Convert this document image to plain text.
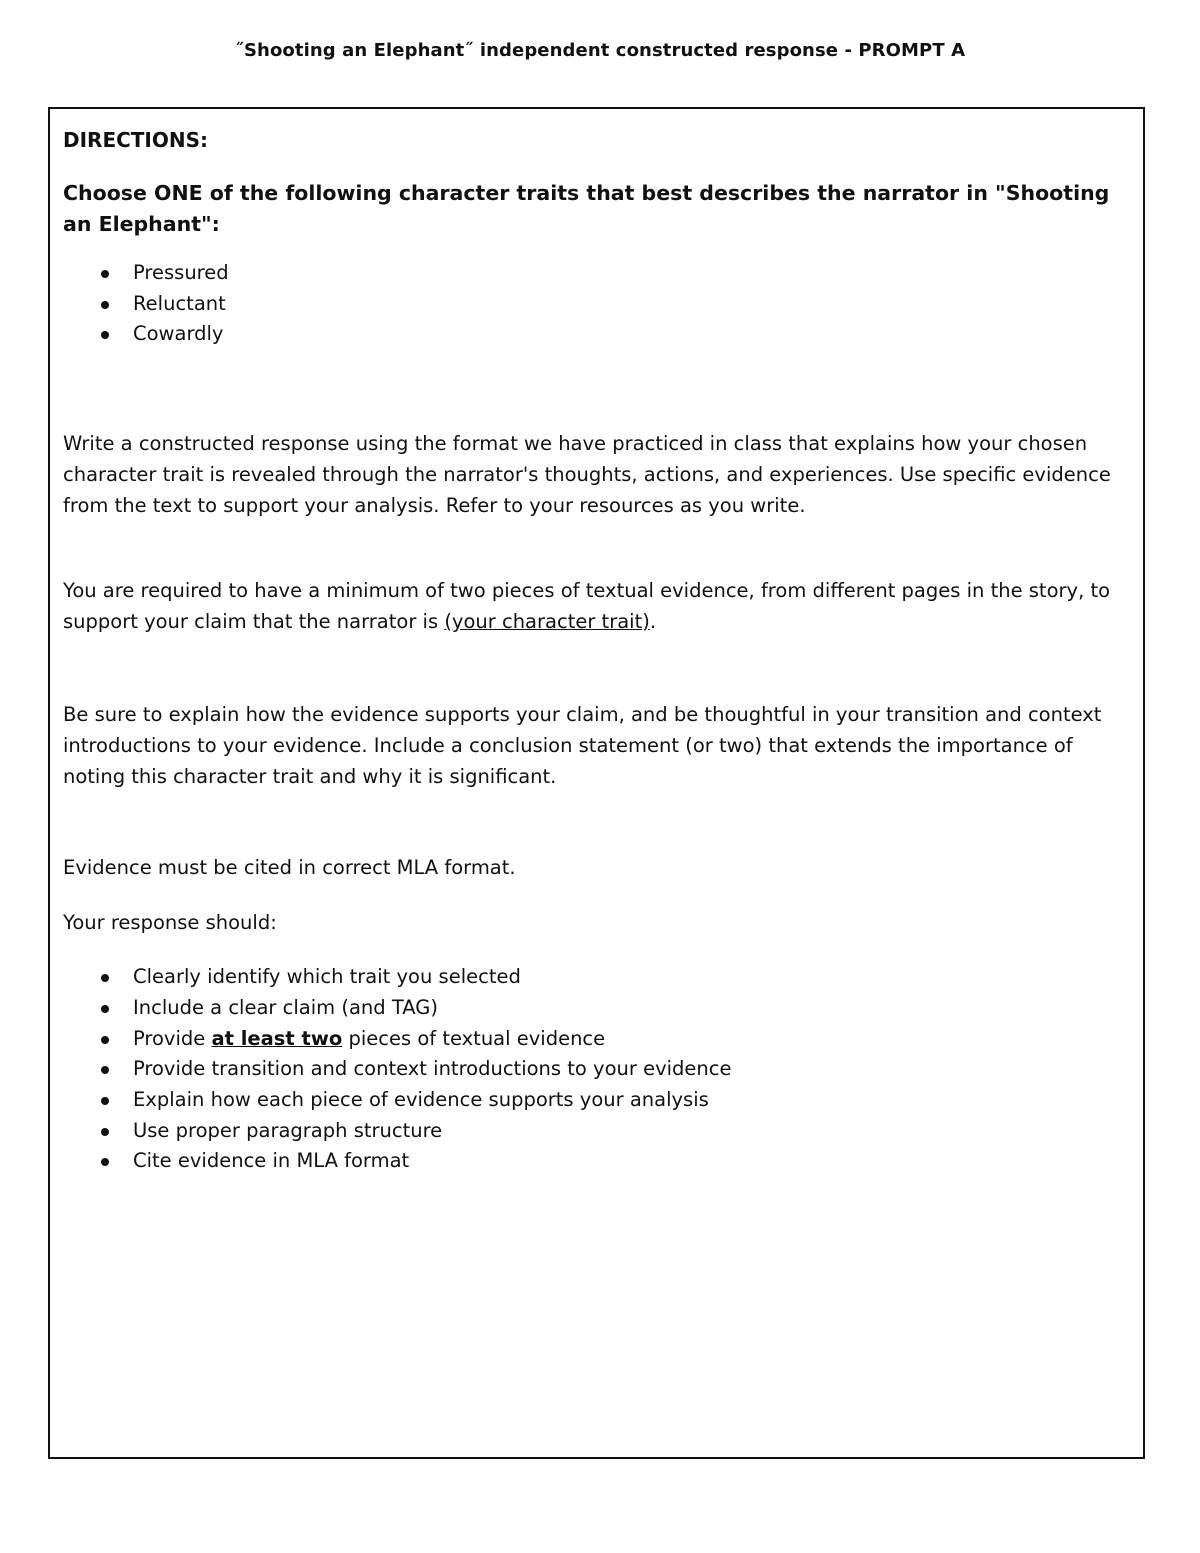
˝Shooting an Elephant˝ independent constructed response - PROMPT A

DIRECTIONS:

Choose ONE of the following character traits that best describes the narrator in "Shooting an Elephant":

Pressured
Reluctant
Cowardly

Write a constructed response using the format we have practiced in class that explains how your chosen character trait is revealed through the narrator's thoughts, actions, and experiences. Use specific evidence from the text to support your analysis. Refer to your resources as you write.

You are required to have a minimum of two pieces of textual evidence, from different pages in the story, to support your claim that the narrator is (your character trait).

Be sure to explain how the evidence supports your claim, and be thoughtful in your transition and context introductions to your evidence. Include a conclusion statement (or two) that extends the importance of noting this character trait and why it is significant.

Evidence must be cited in correct MLA format.

Your response should:

Clearly identify which trait you selected
Include a clear claim (and TAG)
Provide at least two pieces of textual evidence
Provide transition and context introductions to your evidence
Explain how each piece of evidence supports your analysis
Use proper paragraph structure
Cite evidence in MLA format
